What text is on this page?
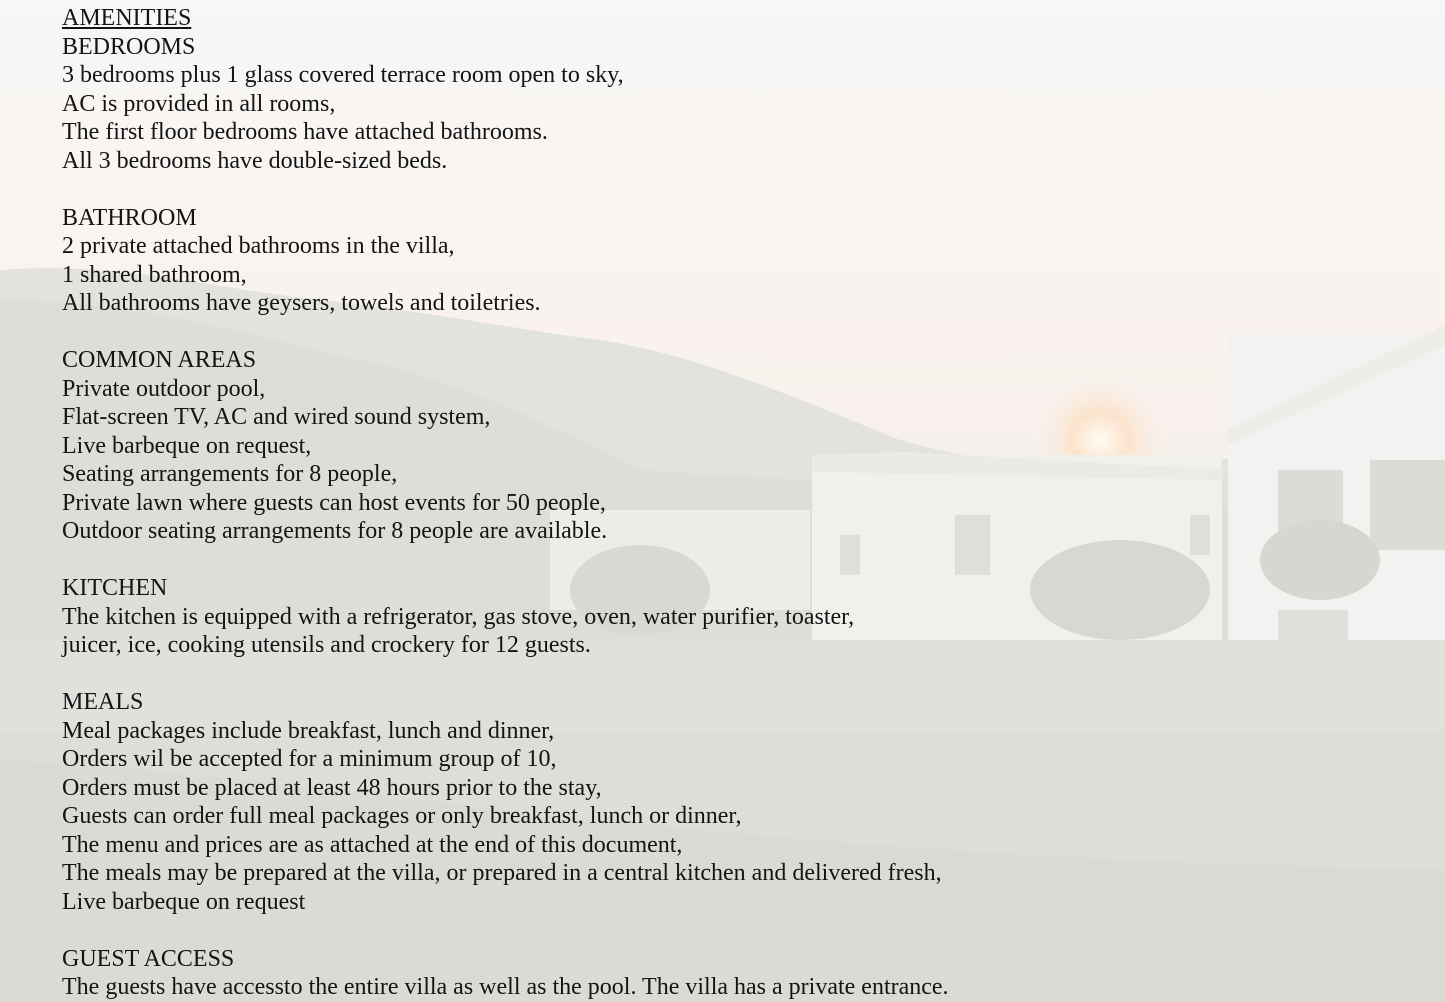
AMENITIES
BEDROOMS
3 bedrooms plus 1 glass covered terrace room open to sky,
AC is provided in all rooms,
The first floor bedrooms have attached bathrooms.
All 3 bedrooms have double-sized beds.
BATHROOM
2 private attached bathrooms in the villa,
1 shared bathroom,
All bathrooms have geysers, towels and toiletries.
COMMON AREAS
Private outdoor pool,
Flat-screen TV, AC and wired sound system,
Live barbeque on request,
Seating arrangements for 8 people,
Private lawn where guests can host events for 50 people,
Outdoor seating arrangements for 8 people are available.
KITCHEN
The kitchen is equipped with a refrigerator, gas stove, oven, water purifier, toaster,
juicer, ice, cooking utensils and crockery for 12 guests.
MEALS
Meal packages include breakfast, lunch and dinner,
Orders wil be accepted for a minimum group of 10,
Orders must be placed at least 48 hours prior to the stay,
Guests can order full meal packages or only breakfast, lunch or dinner,
The menu and prices are as attached at the end of this document,
The meals may be prepared at the villa, or prepared in a central kitchen and delivered fresh,
Live barbeque on request
GUEST ACCESS
The guests have accessto the entire villa as well as the pool. The villa has a private entrance.
